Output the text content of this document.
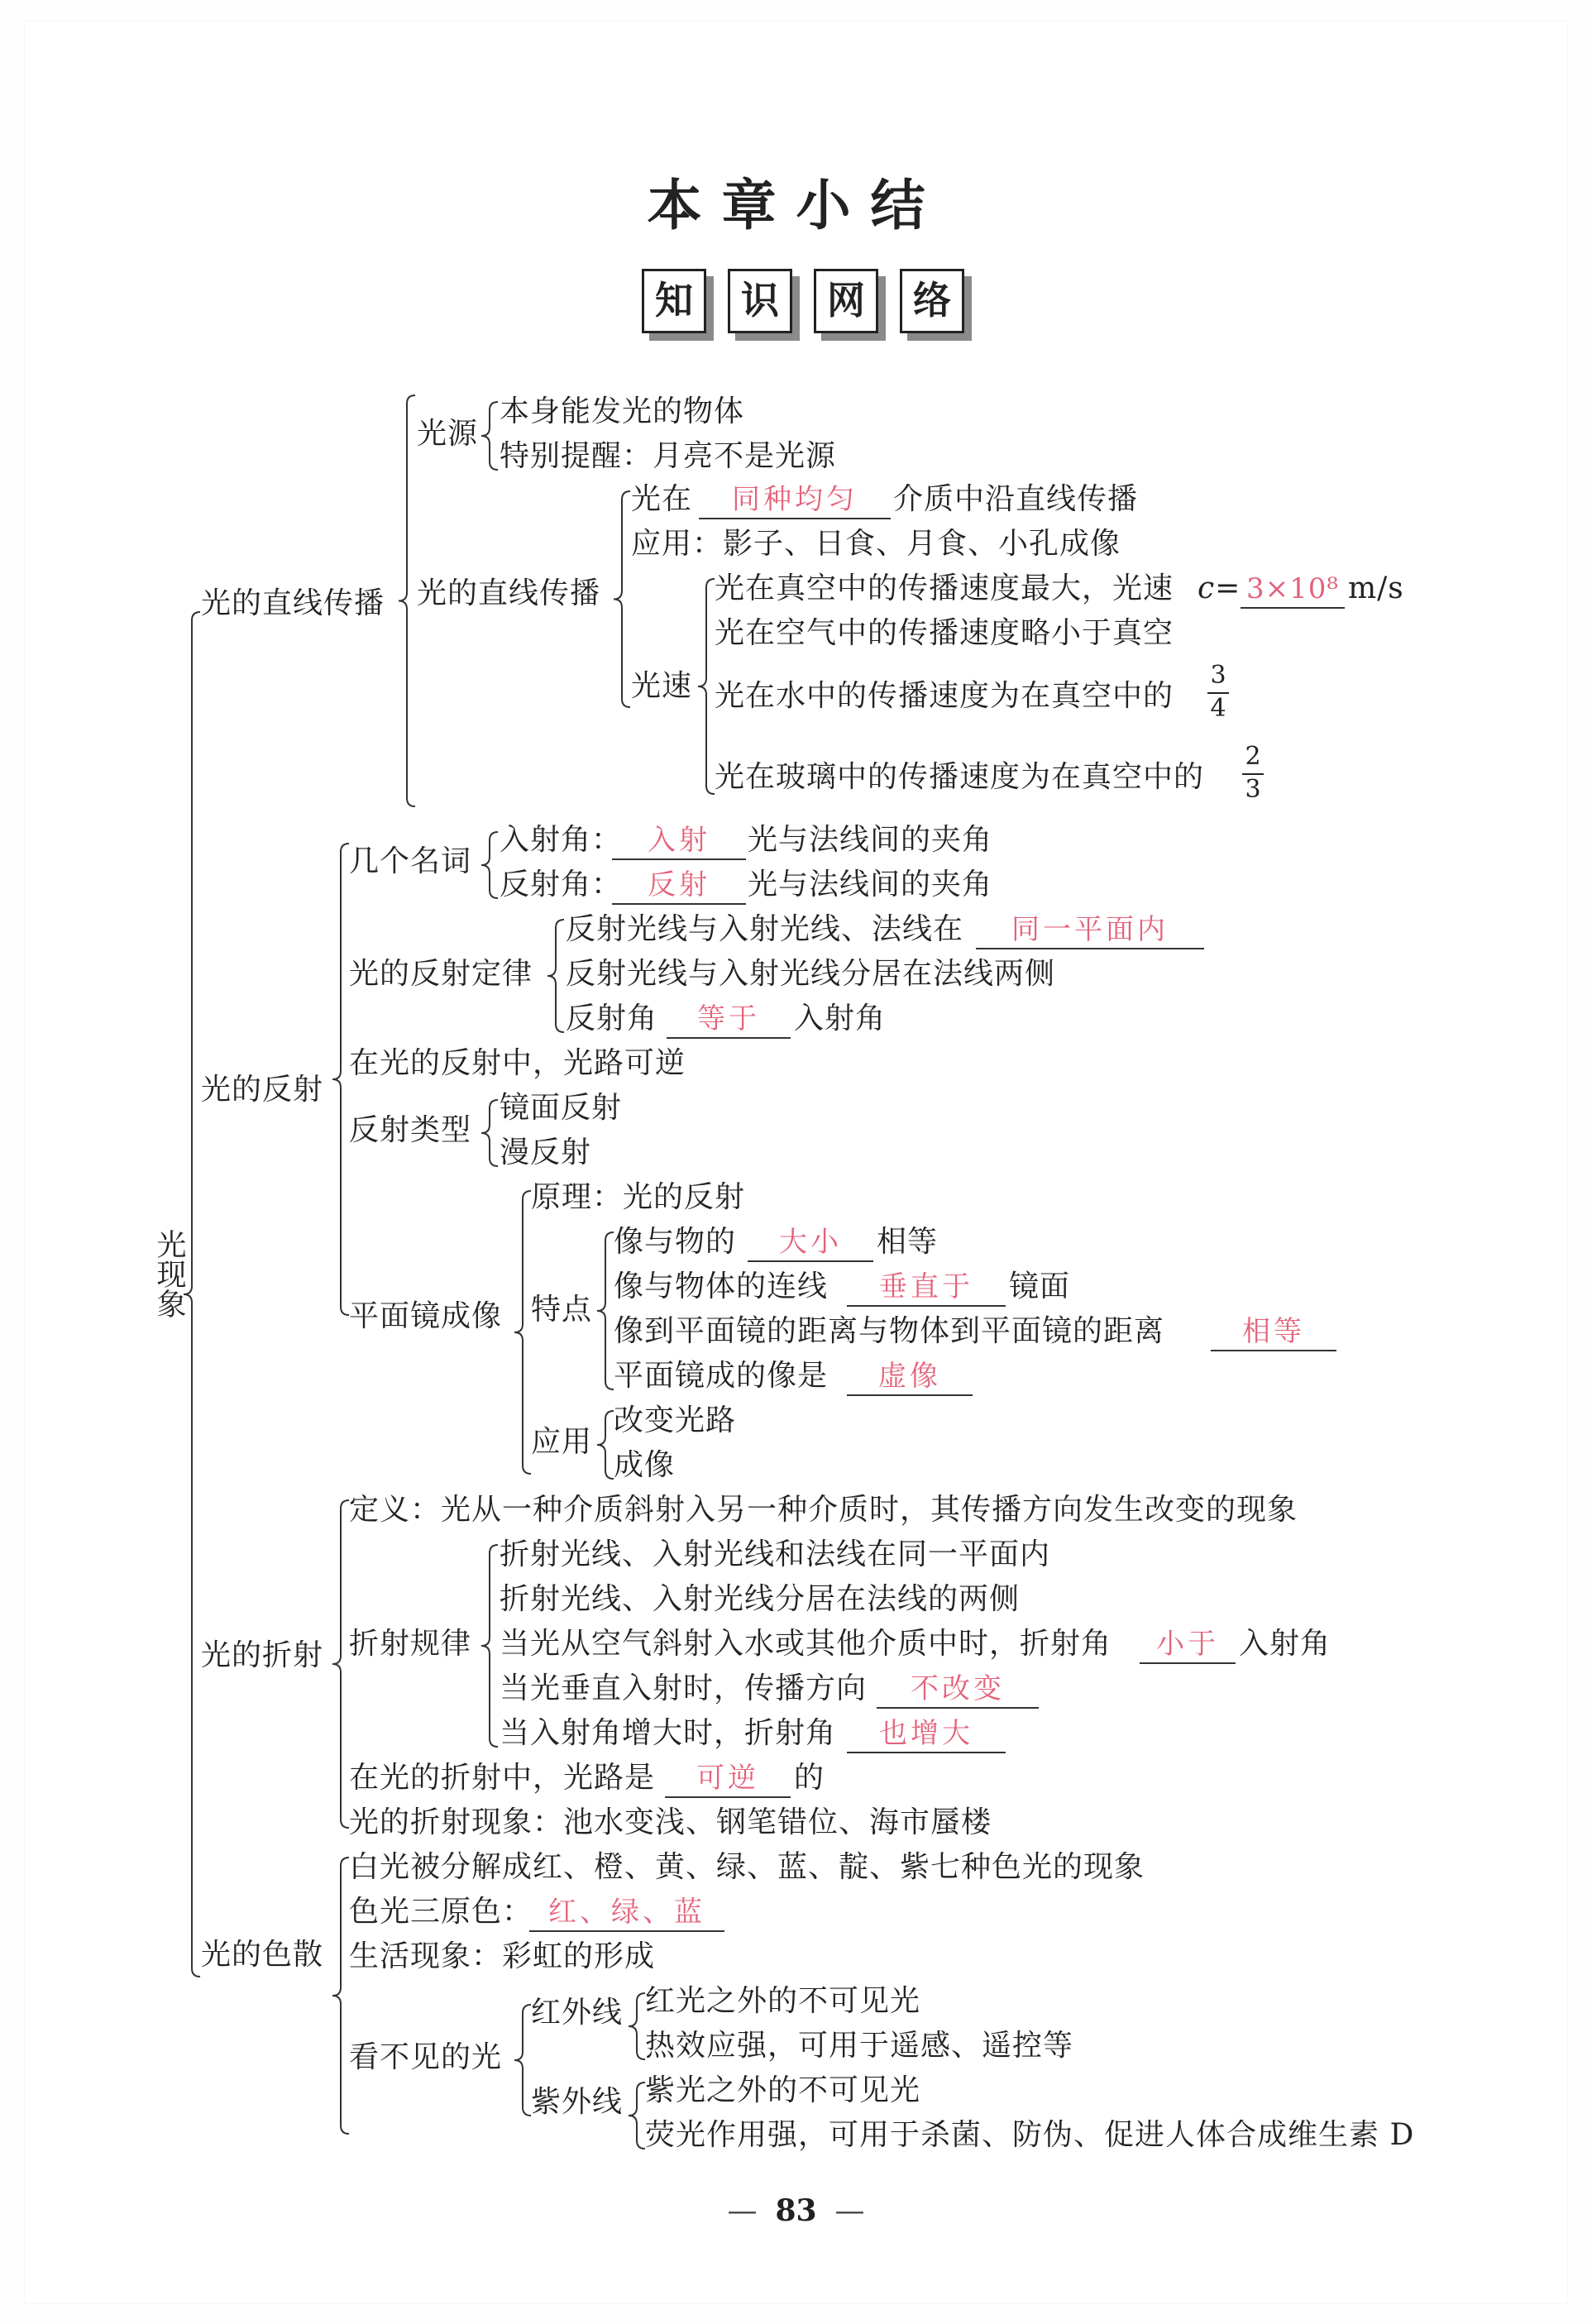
本章小结
知	识	网	络
光现象
光的直线传播
光的反射
光的折射
光的色散
光源
本身能发光的物体
特别提醒：月亮不是光源
光的直线传播
光在	同种均匀	介质中沿直线传播
应用：影子、日食、月食、小孔成像
光速
光在真空中的传播速度最大，光速 c= 3×10⁸ m/s
光在空气中的传播速度略小于真空
光在水中的传播速度为在真空中的
3
4
光在玻璃中的传播速度为在真空中的
2
3
几个名词
入射角： 入射	光与法线间的夹角
反射角： 反射	光与法线间的夹角
光的反射定律
反射光线与入射光线、法线在	同一平面内
反射光线与入射光线分居在法线两侧
反射角	等于	入射角
在光的反射中，光路可逆
反射类型
镜面反射
漫反射
平面镜成像
原理：光的反射
特点
像与物的	大小	相等
像与物体的连线	垂直于	镜面
像到平面镜的距离与物体到平面镜的距离	相等
平面镜成的像是	虚像
应用
改变光路
成像
定义：光从一种介质斜射入另一种介质时，其传播方向发生改变的现象
折射规律
折射光线、入射光线和法线在同一平面内
折射光线、入射光线分居在法线的两侧
当光从空气斜射入水或其他介质中时，折射角	小于 入射角
当光垂直入射时，传播方向	不改变
当入射角增大时，折射角	也增大
在光的折射中，光路是	可逆	的
光的折射现象：池水变浅、钢笔错位、海市蜃楼
白光被分解成红、橙、黄、绿、蓝、靛、紫七种色光的现象
色光三原色： 红、绿、蓝
生活现象：彩虹的形成
看不见的光
红外线 红光之外的不可见光
热效应强，可用于遥感、遥控等
紫外线 紫光之外的不可见光
荧光作用强，可用于杀菌、防伪、促进人体合成维生素 D
— 83 —
